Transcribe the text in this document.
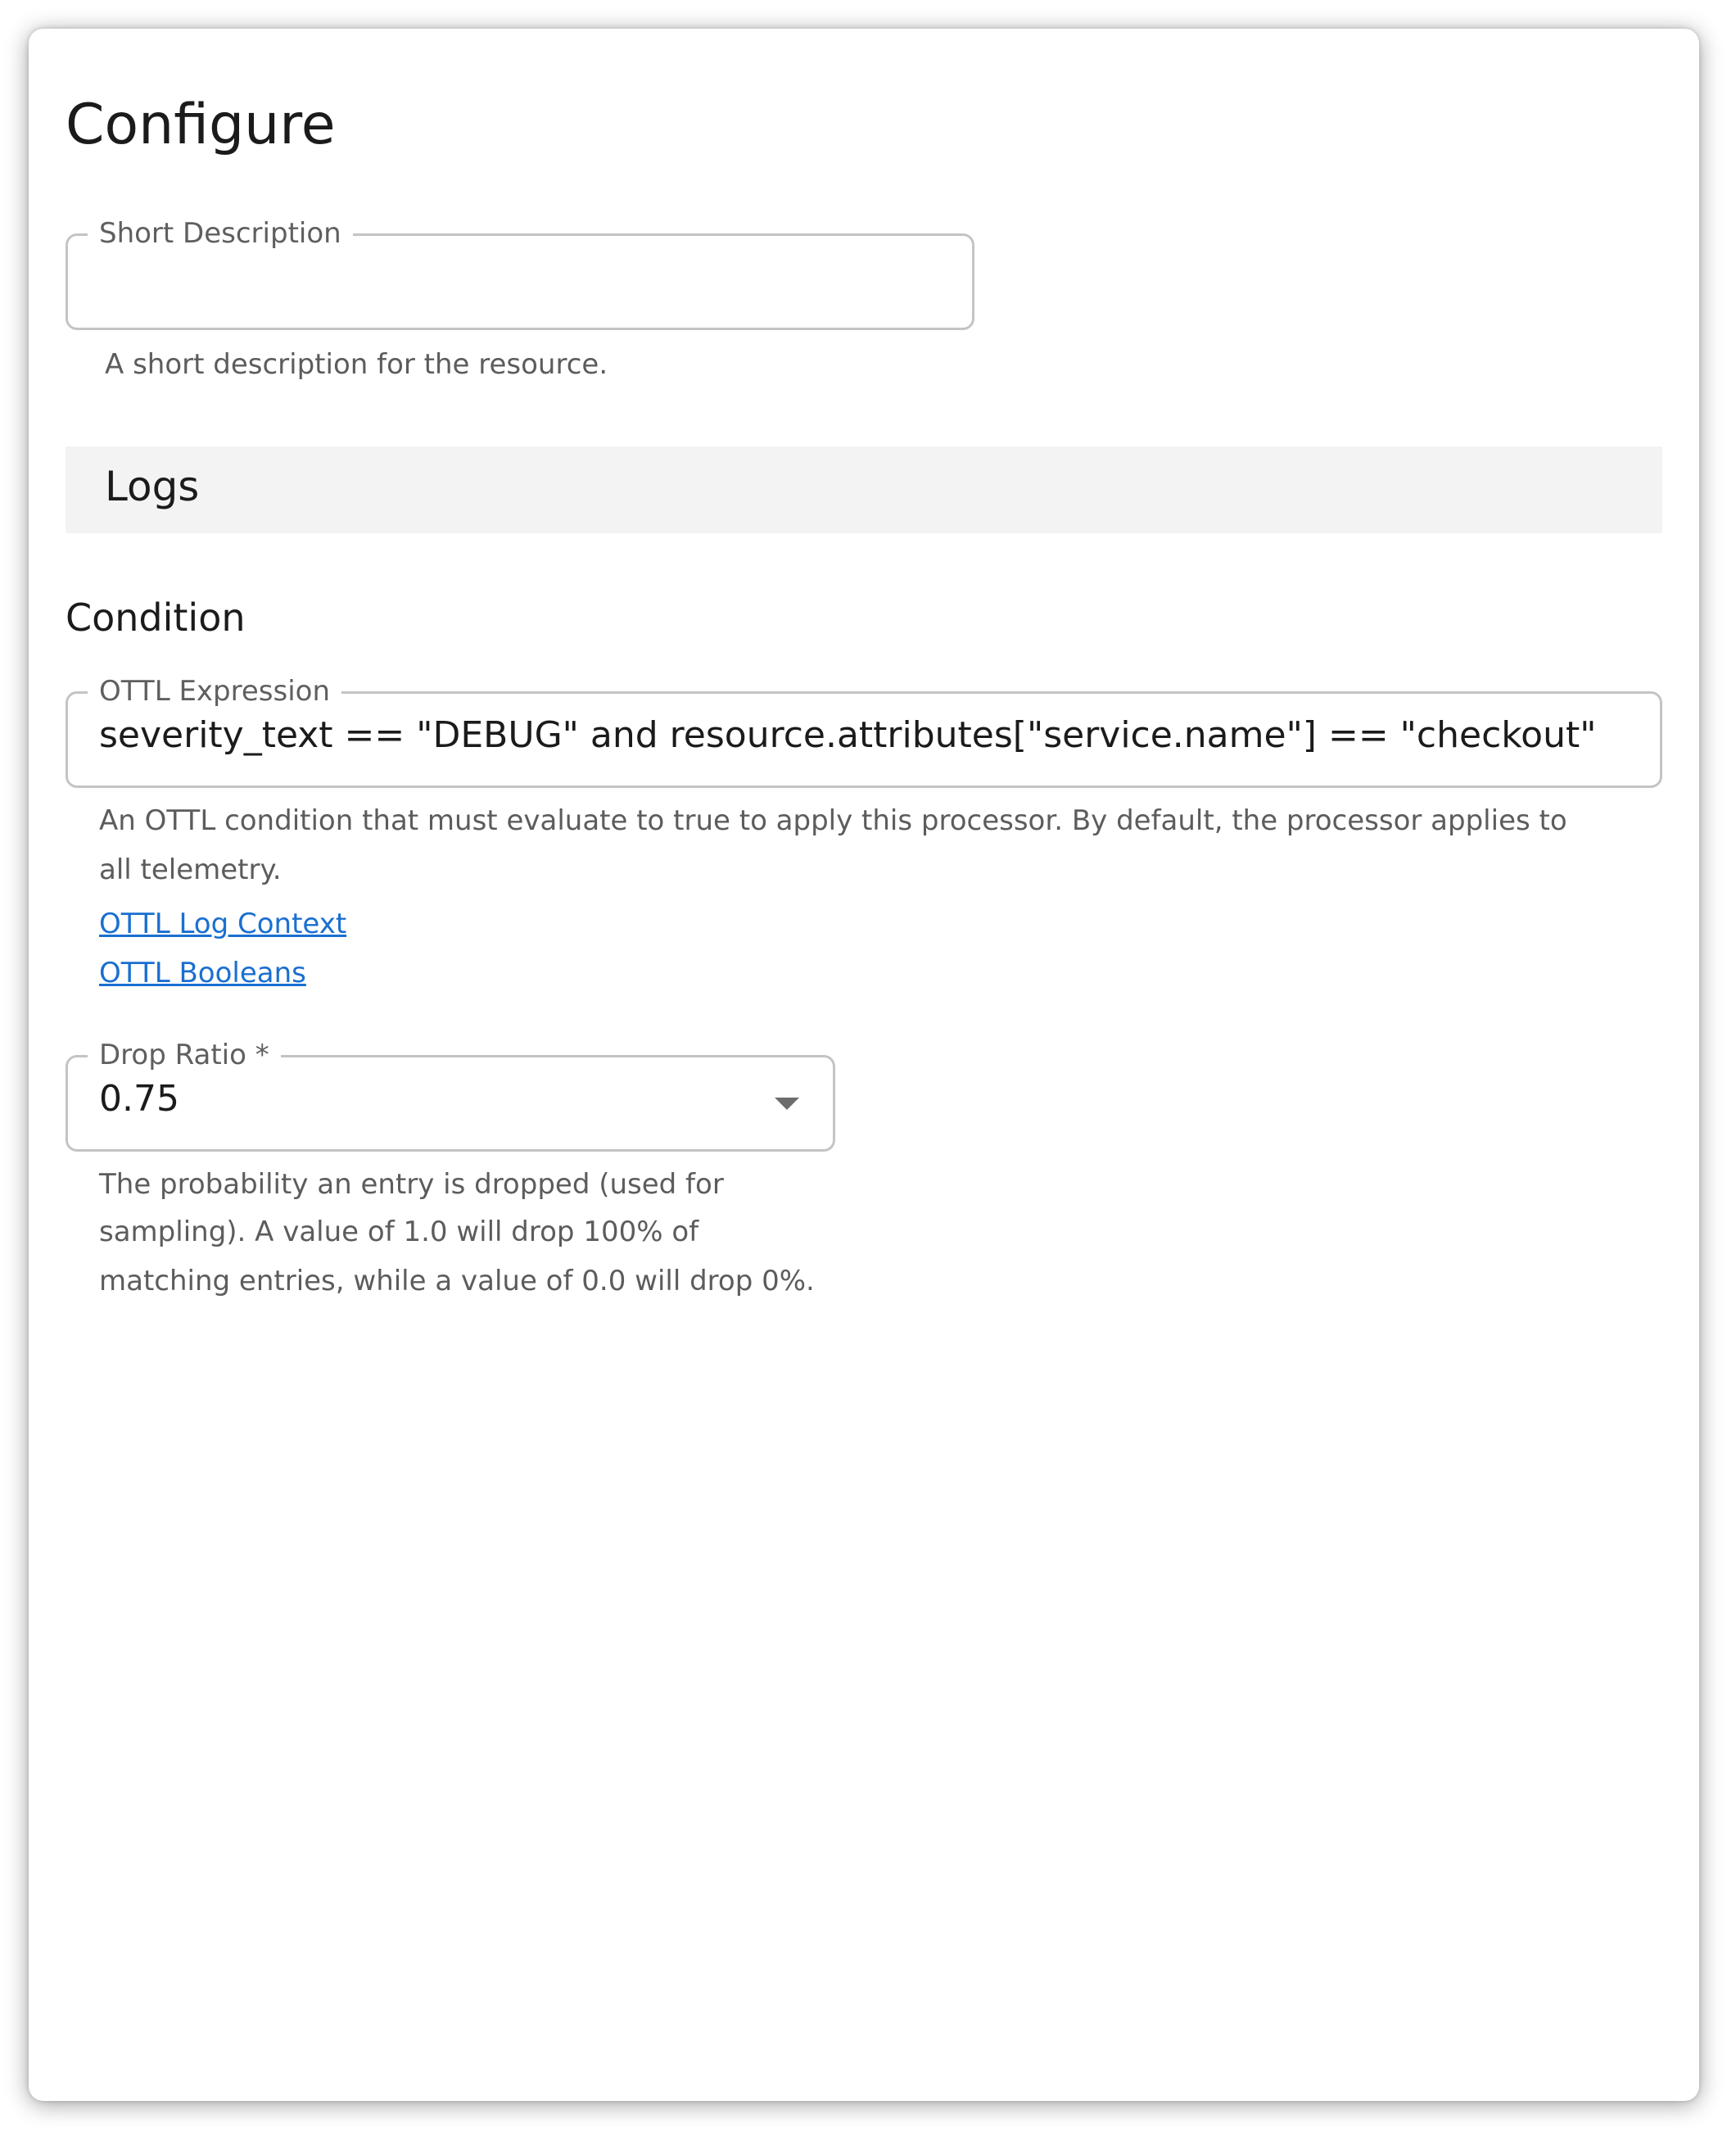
Configure
Short Description
A short description for the resource.
Logs
Condition
OTTL Expression
severity_text == "DEBUG" and resource.attributes["service.name"] == "checkout"
An OTTL condition that must evaluate to true to apply this processor. By default, the processor applies to
all telemetry.
OTTL Log Context
OTTL Booleans
Drop Ratio *
0.75
The probability an entry is dropped (used for
sampling). A value of 1.0 will drop 100% of
matching entries, while a value of 0.0 will drop 0%.
